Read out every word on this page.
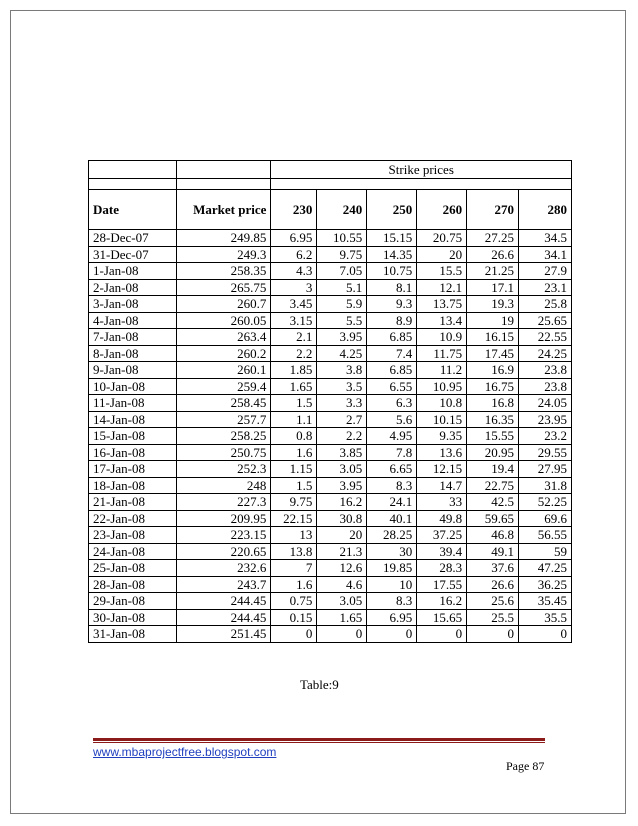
		Strike prices					

Date	Market price	230	240	250	260	270	280
28-Dec-07	249.85	6.95	10.55	15.15	20.75	27.25	34.5
31-Dec-07	249.3	6.2	9.75	14.35	20	26.6	34.1
1-Jan-08	258.35	4.3	7.05	10.75	15.5	21.25	27.9
2-Jan-08	265.75	3	5.1	8.1	12.1	17.1	23.1
3-Jan-08	260.7	3.45	5.9	9.3	13.75	19.3	25.8
4-Jan-08	260.05	3.15	5.5	8.9	13.4	19	25.65
7-Jan-08	263.4	2.1	3.95	6.85	10.9	16.15	22.55
8-Jan-08	260.2	2.2	4.25	7.4	11.75	17.45	24.25
9-Jan-08	260.1	1.85	3.8	6.85	11.2	16.9	23.8
10-Jan-08	259.4	1.65	3.5	6.55	10.95	16.75	23.8
11-Jan-08	258.45	1.5	3.3	6.3	10.8	16.8	24.05
14-Jan-08	257.7	1.1	2.7	5.6	10.15	16.35	23.95
15-Jan-08	258.25	0.8	2.2	4.95	9.35	15.55	23.2
16-Jan-08	250.75	1.6	3.85	7.8	13.6	20.95	29.55
17-Jan-08	252.3	1.15	3.05	6.65	12.15	19.4	27.95
18-Jan-08	248	1.5	3.95	8.3	14.7	22.75	31.8
21-Jan-08	227.3	9.75	16.2	24.1	33	42.5	52.25
22-Jan-08	209.95	22.15	30.8	40.1	49.8	59.65	69.6
23-Jan-08	223.15	13	20	28.25	37.25	46.8	56.55
24-Jan-08	220.65	13.8	21.3	30	39.4	49.1	59
25-Jan-08	232.6	7	12.6	19.85	28.3	37.6	47.25
28-Jan-08	243.7	1.6	4.6	10	17.55	26.6	36.25
29-Jan-08	244.45	0.75	3.05	8.3	16.2	25.6	35.45
30-Jan-08	244.45	0.15	1.65	6.95	15.65	25.5	35.5
31-Jan-08	251.45	0	0	0	0	0	0
Table:9
www.mbaprojectfree.blogspot.com
Page 87
